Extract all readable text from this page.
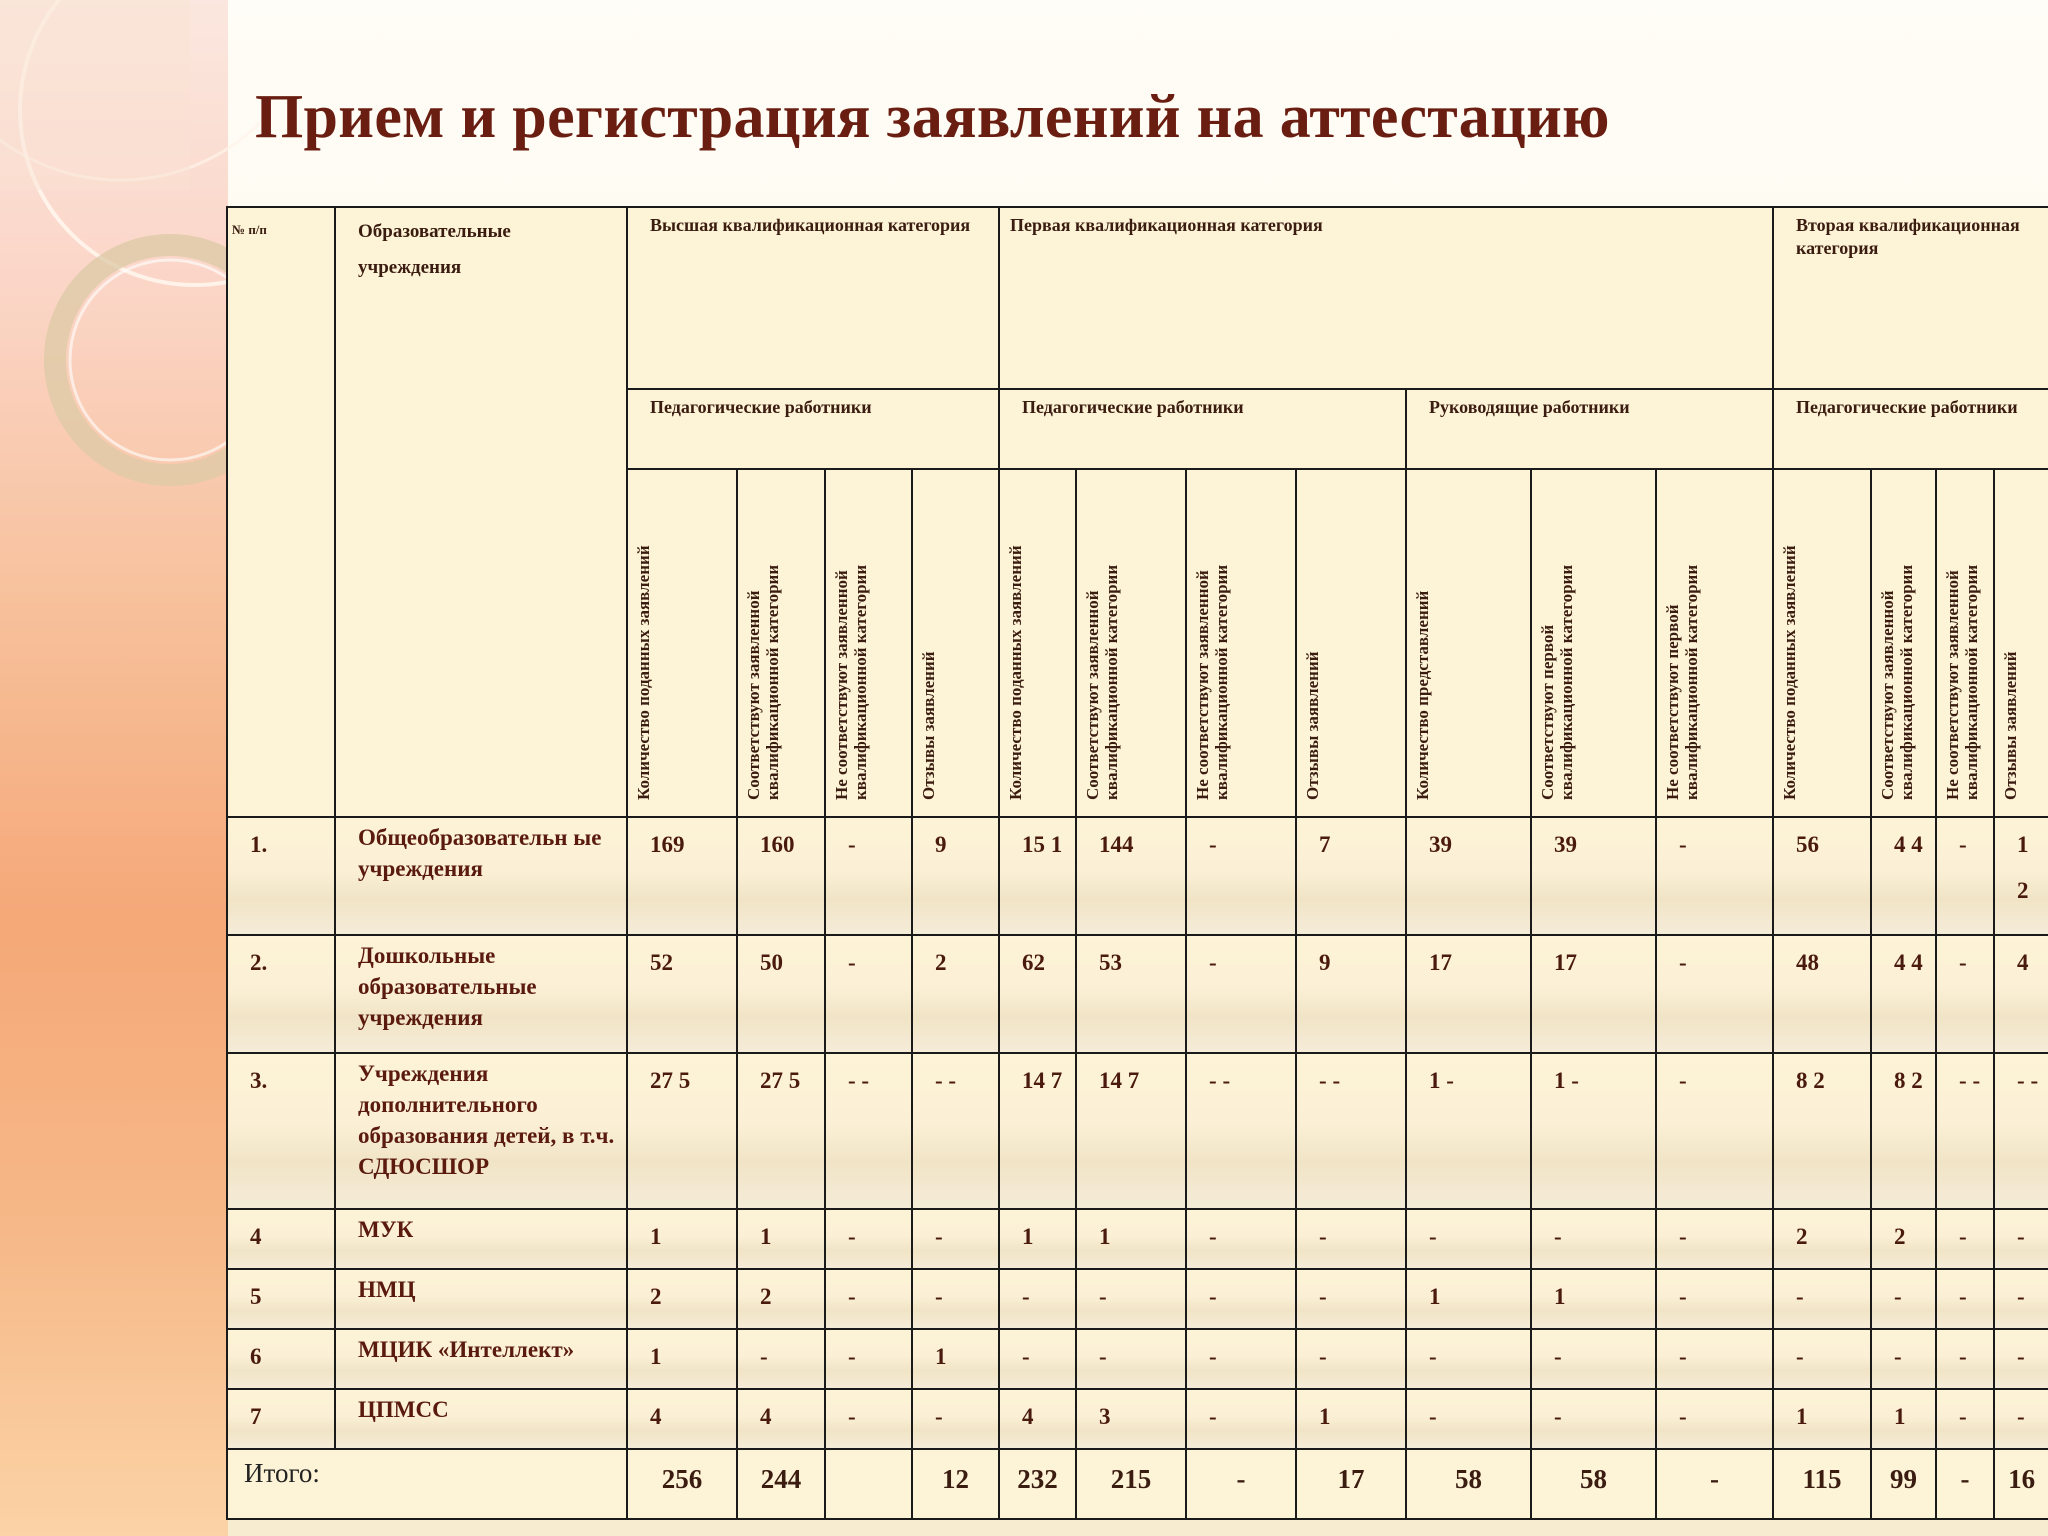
Прием и регистрация заявлений на аттестацию
№ п/п	Образовательные учреждения	Высшая квалификационная категория				Первая квалификационная категория							Вторая квалификационная категория			
		Педагогические работники				Педагогические работники				Руководящие работники			Педагогические работники			

		Количество поданных заявлений	Соответствуют заявленной квалификационной категории	Не соответствуют заявленной квалификационной категории	Отзывы заявлений	Количество поданных заявлений	Соответствуют заявленной квалификационной категории	Не соответствуют заявленной квалификационной категории	Отзывы заявлений	Количество представлений	Соответствуют первой квалификационной категории	Не соответствуют первой квалификационной категории	Количество поданных заявлений	Соответствуют заявленной квалификационной категории	Не соответствуют заявленной квалификационной категории	Отзывы заявлений

1.	Общеобразовательн ые учреждения	169	160	-	9	15 1	144	-	7	39	39	-	56	4 4	-	1 2
2.	Дошкольные образовательные учреждения	52	50	-	2	62	53	-	9	17	17	-	48	4 4	-	4
3.	Учреждения дополнительного образования детей, в т.ч. СДЮСШОР	27 5	27 5	- -	- -	14 7	14 7	- -	- -	1 -	1 -	-	8 2	8 2	- -	- -
4	МУК	1	1	-	-	1	1	-	-	-	-	-	2	2	-	-
5	НМЦ	2	2	-	-	-	-	-	-	1	1	-	-	-	-	-
6	МЦИК «Интеллект»	1	-	-	1	-	-	-	-	-	-	-	-	-	-	-
7	ЦПМСС	4	4	-	-	4	3	-	1	-	-	-	1	1	-	-
Итого:		256	244		12	232	215	-	17	58	58	-	115	99	-	16
